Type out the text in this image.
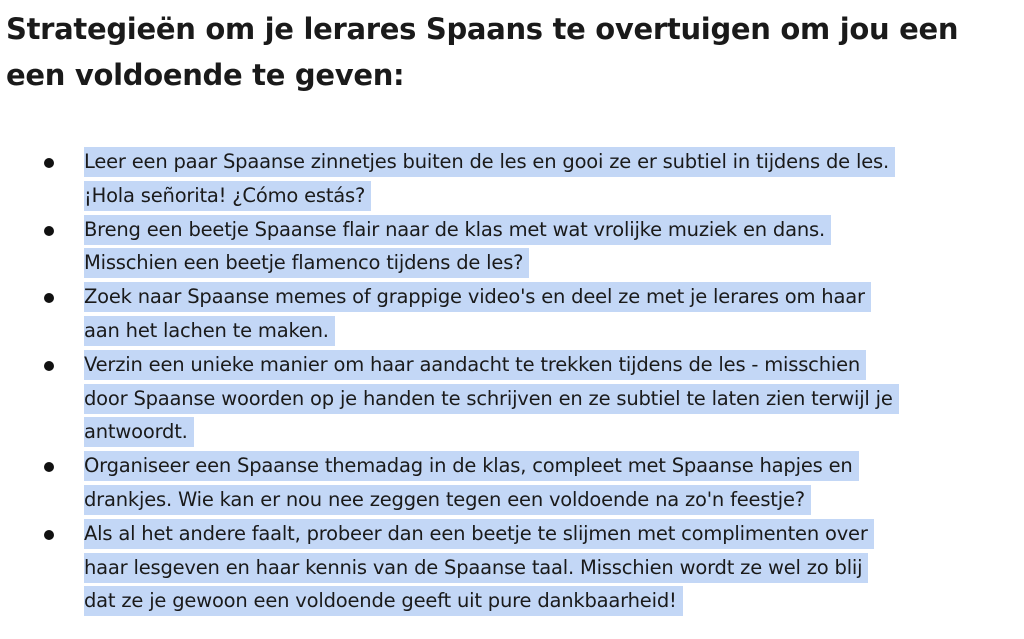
Strategieën om je lerares Spaans te overtuigen om jou een een voldoende te geven:
Leer een paar Spaanse zinnetjes buiten de les en gooi ze er subtiel in tijdens de les.
¡Hola señorita! ¿Cómo estás?
Breng een beetje Spaanse flair naar de klas met wat vrolijke muziek en dans.
Misschien een beetje flamenco tijdens de les?
Zoek naar Spaanse memes of grappige video's en deel ze met je lerares om haar
aan het lachen te maken.
Verzin een unieke manier om haar aandacht te trekken tijdens de les - misschien
door Spaanse woorden op je handen te schrijven en ze subtiel te laten zien terwijl je
antwoordt.
Organiseer een Spaanse themadag in de klas, compleet met Spaanse hapjes en
drankjes. Wie kan er nou nee zeggen tegen een voldoende na zo'n feestje?
Als al het andere faalt, probeer dan een beetje te slijmen met complimenten over
haar lesgeven en haar kennis van de Spaanse taal. Misschien wordt ze wel zo blij
dat ze je gewoon een voldoende geeft uit pure dankbaarheid!
